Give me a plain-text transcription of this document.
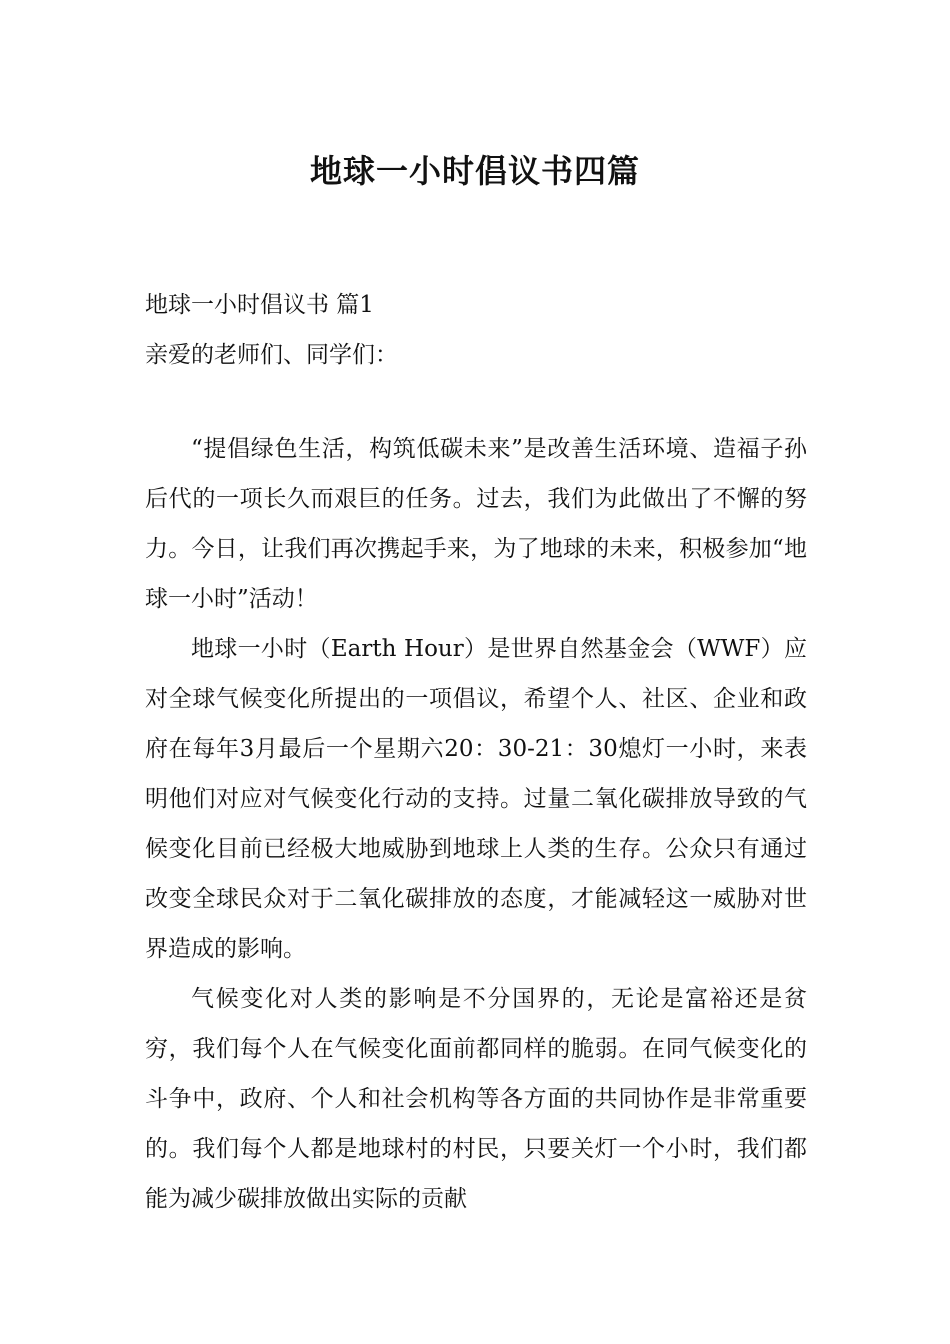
地球一小时倡议书四篇

地球一小时倡议书 篇1

亲爱的老师们、同学们：

“提倡绿色生活，构筑低碳未来”是改善生活环境、造福子孙后代的一项长久而艰巨的任务。过去，我们为此做出了不懈的努力。今日，让我们再次携起手来，为了地球的未来，积极参加“地球一小时”活动！

地球一小时（Earth Hour）是世界自然基金会（WWF）应对全球气候变化所提出的一项倡议，希望个人、社区、企业和政府在每年3月最后一个星期六20：30-21：30熄灯一小时，来表明他们对应对气候变化行动的支持。过量二氧化碳排放导致的气候变化目前已经极大地威胁到地球上人类的生存。公众只有通过改变全球民众对于二氧化碳排放的态度，才能减轻这一威胁对世界造成的影响。

气候变化对人类的影响是不分国界的，无论是富裕还是贫穷，我们每个人在气候变化面前都同样的脆弱。在同气候变化的斗争中，政府、个人和社会机构等各方面的共同协作是非常重要的。我们每个人都是地球村的村民，只要关灯一个小时，我们都能为减少碳排放做出实际的贡献
